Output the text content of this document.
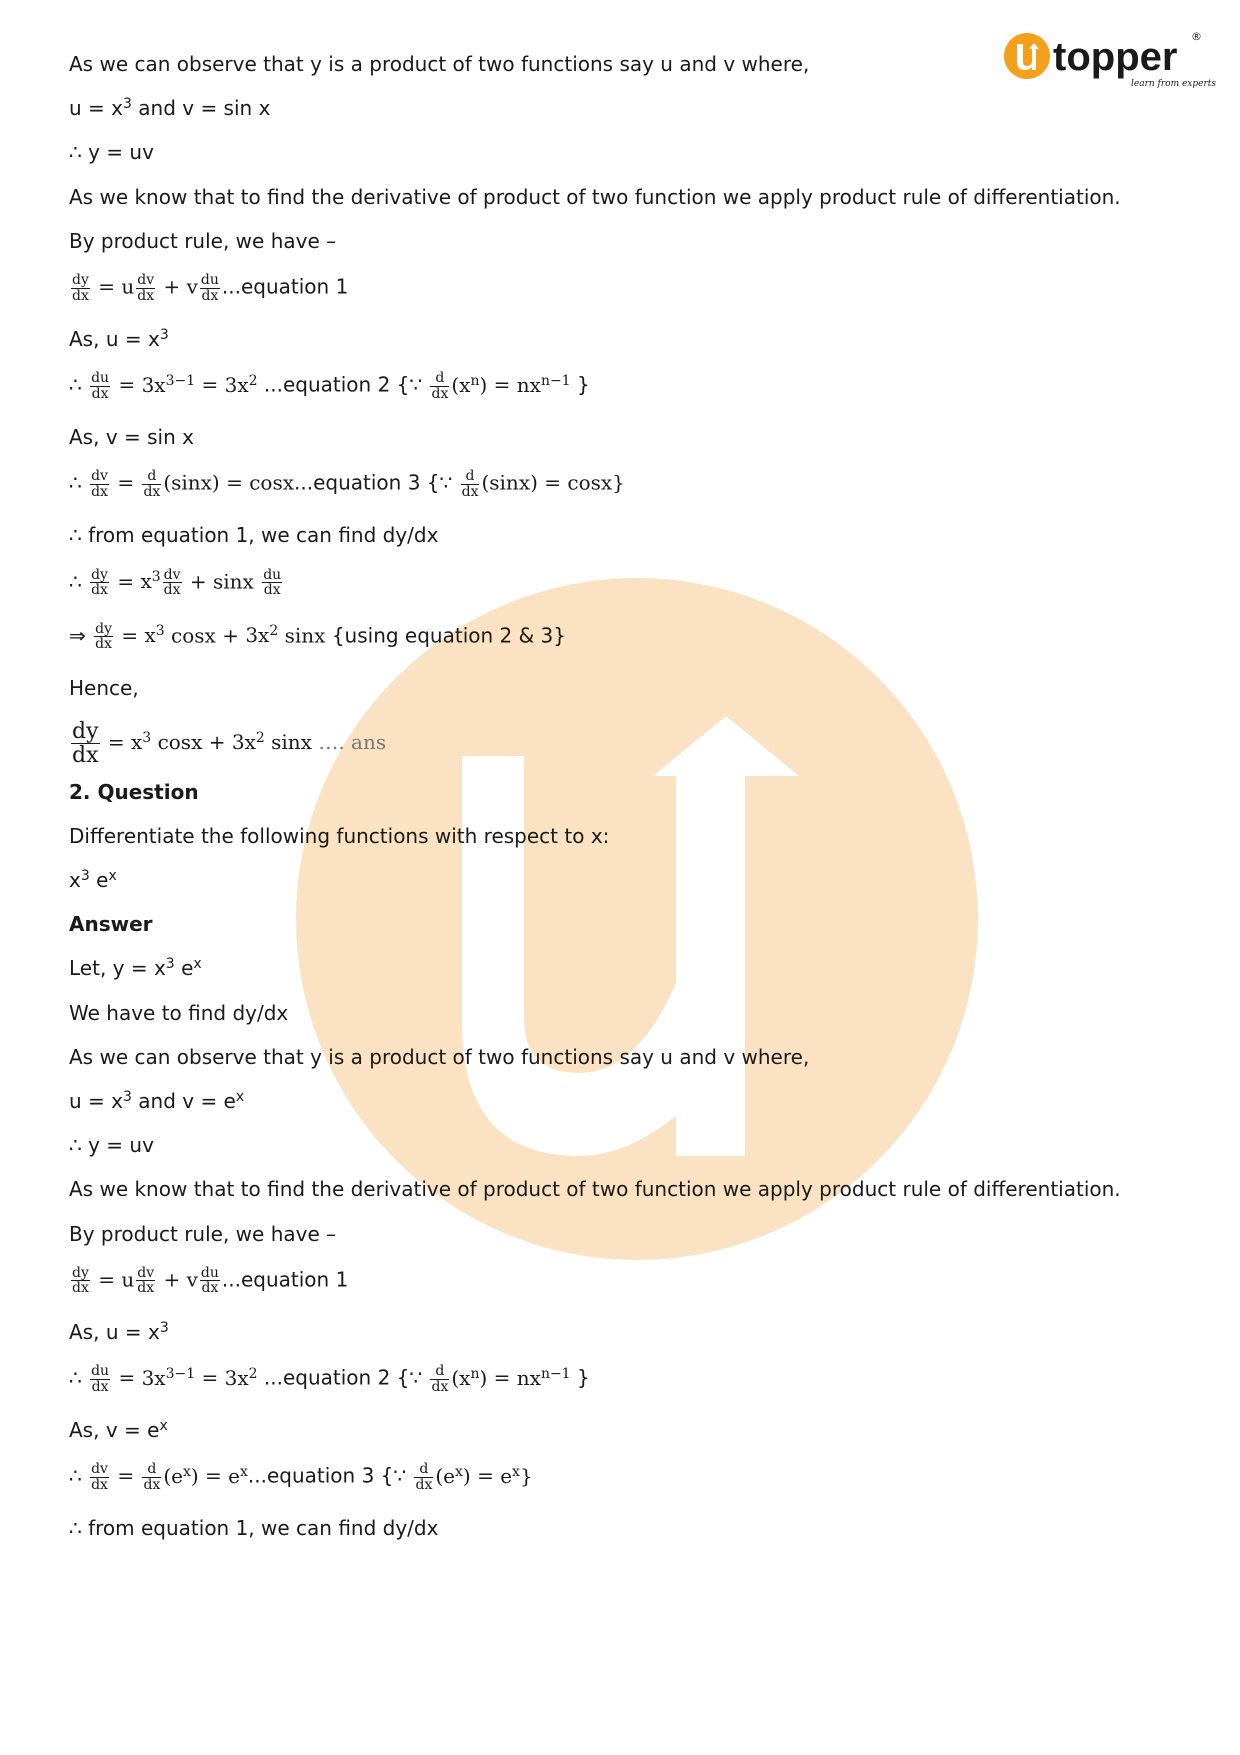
topper
learn from experts
®
As we can observe that y is a product of two functions say u and v where,
$u = x^3$ and v = sin x
∴ y = uv
As we know that to find the derivative of product of two function we apply product rule of differentiation.
By product rule, we have –
$\frac{dy}{dx} = u \frac{dv}{dx} + v \frac{du}{dx}$ ...equation 1
As, $u = x^3$
∴ $\frac{du}{dx} = 3x^{3-1} = 3x^2$ ...equation 2 {∵ $\frac{d}{dx} (x^n) = nx^{n-1}$ }
As, v = sin x
∴ $\frac{dv}{dx} = \frac{d}{dx} (\sin x)$ = cosx...equation 3 {∵ $\frac{d}{dx} (\sin x) = \cos x$}
∴ from equation 1, we can find dy/dx
∴ $\frac{dy}{dx} = x^3 \frac{dv}{dx} + \sin x \frac{du}{dx}$
⇒ $\frac{dy}{dx} = x^3$ $\cos x + 3x^2$ sinx {using equation 2 & 3}
Hence,
$\frac{dy}{dx} = x^3$ $\cos x + 3x^2$ sinx …. ans
2. Question
Differentiate the following functions with respect to x:
$x^3$ $e^x$
Answer
Let, $y = x^3$ $e^x$
We have to find dy/dx
As we can observe that y is a product of two functions say u and v where,
$u = x^3$ and $v = e^x$
∴ y = uv
As we know that to find the derivative of product of two function we apply product rule of differentiation.
By product rule, we have –
$\frac{dy}{dx} = u \frac{dv}{dx} + v \frac{du}{dx}$ ...equation 1
As, $u = x^3$
∴ $\frac{du}{dx} = 3x^{3-1} = 3x^2$ ...equation 2 {∵ $\frac{d}{dx} (x^n) = nx^{n-1}$ }
As, $v = e^x$
∴ $\frac{dv}{dx} = \frac{d}{dx} (e^x)$ = $e^x...equation$ 3 {∵ $\frac{d}{dx} (e^x) = e^x$}
∴ from equation 1, we can find dy/dx
